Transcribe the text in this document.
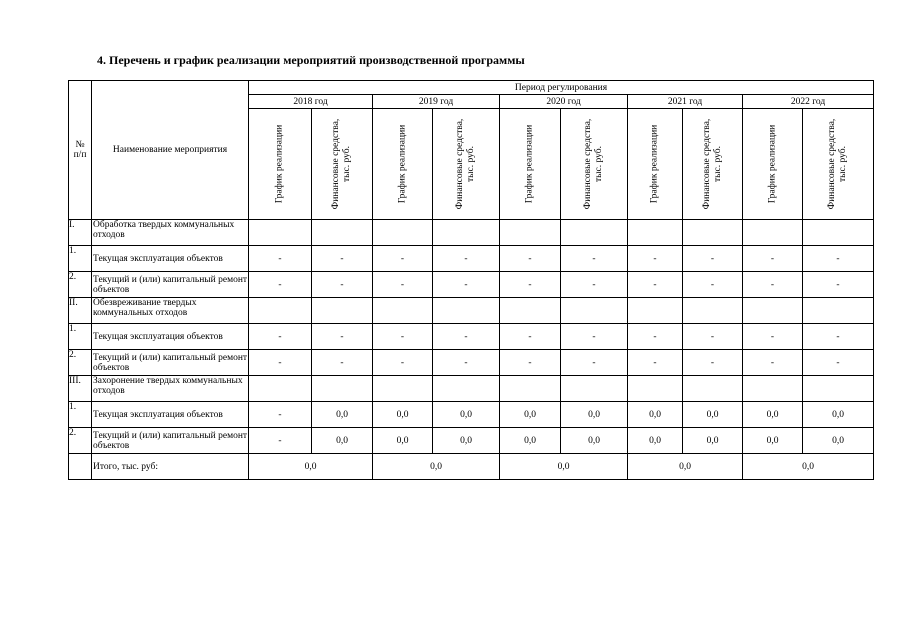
4. Перечень и график реализации мероприятий производственной программы
№
п/п	Наименование мероприятия	Период регулирования									
		2018 год		2019 год		2020 год		2021 год		2022 год	

		График реализации	Финансовые средства, тыс. руб.	График реализации	Финансовые средства, тыс. руб.	График реализации	Финансовые средства, тыс. руб.	График реализации	Финансовые средства, тыс. руб.	График реализации	Финансовые средства, тыс. руб.

I.	Обработка твердых коммунальных отходов										
1.	Текущая эксплуатация объектов	-	-	-	-	-	-	-	-	-	-
2.	Текущий и (или) капитальный ремонт объектов	-	-	-	-	-	-	-	-	-	-
II.	Обезвреживание твердых коммунальных отходов										
1.	Текущая эксплуатация объектов	-	-	-	-	-	-	-	-	-	-
2.	Текущий и (или) капитальный ремонт объектов	-	-	-	-	-	-	-	-	-	-
III.	Захоронение твердых коммунальных отходов										
1.	Текущая эксплуатация объектов	-	0,0	0,0	0,0	0,0	0,0	0,0	0,0	0,0	0,0
2.	Текущий и (или) капитальный ремонт объектов	-	0,0	0,0	0,0	0,0	0,0	0,0	0,0	0,0	0,0
	Итого, тыс. руб:	0,0		0,0		0,0		0,0		0,0	
